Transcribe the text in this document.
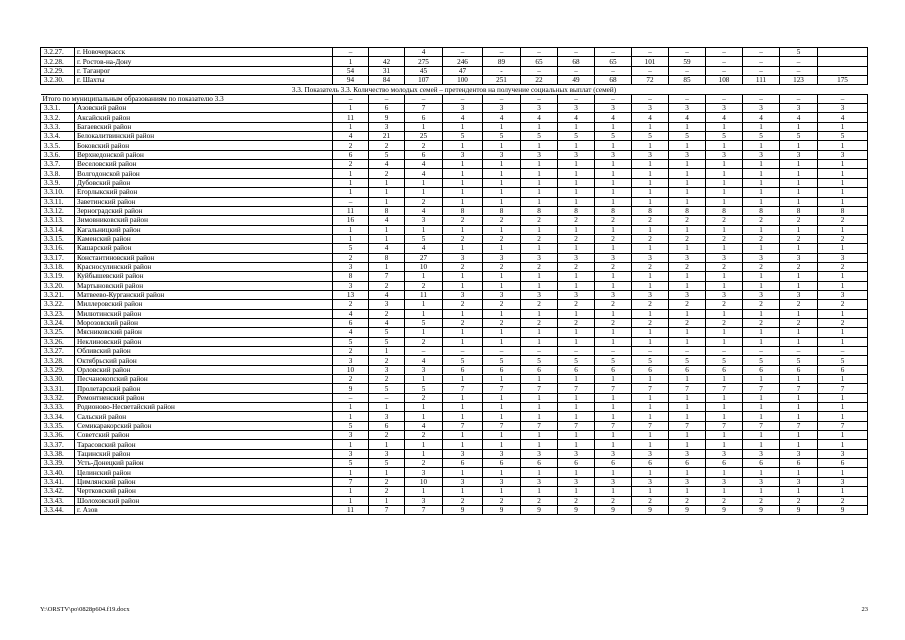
3.2.27.	г. Новочеркасск	–		4	–	–	–	–	–	–	–	–	–	5	
3.2.28.	г. Ростов-на-Дону	1	42	275	246	89	65	68	65	101	59	–	–	–	
3.2.29.	г. Таганрог	54	31	45	47	-	–	–	–	–	–	–	–	–	
3.2.30.	г. Шахты	94	84	107	100	251	22	49	68	72	85	108	111	123	175
3.3. Показатель 3.3. Количество молодых семей – претендентов на получение социальных выплат (семей)															
Итого по муниципальным образованиям по показателю 3.3		–	–	–	–	–	–	–	–	–	–	–	–	–	–
3.3.1.	Азовский район	1	6	7	3	3	3	3	3	3	3	3	3	3	3
3.3.2.	Аксайский район	11	9	6	4	4	4	4	4	4	4	4	4	4	4
3.3.3.	Багаевский район	1	3	1	1	1	1	1	1	1	1	1	1	1	1
3.3.4.	Белокалитвинский район	4	21	25	5	5	5	5	5	5	5	5	5	5	5
3.3.5.	Боковский район	2	2	2	1	1	1	1	1	1	1	1	1	1	1
3.3.6.	Верхнедонской район	6	5	6	3	3	3	3	3	3	3	3	3	3	3
3.3.7.	Веселовский район	2	4	4	1	1	1	1	1	1	1	1	1	1	1
3.3.8.	Волгодонской район	1	2	4	1	1	1	1	1	1	1	1	1	1	1
3.3.9.	Дубовский район	1	1	1	1	1	1	1	1	1	1	1	1	1	1
3.3.10.	Егорлыкский район	1	1	1	1	1	1	1	1	1	1	1	1	1	1
3.3.11.	Заветинский район	–	1	2	1	1	1	1	1	1	1	1	1	1	1
3.3.12.	Зерноградский район	11	8	4	8	8	8	8	8	8	8	8	8	8	8
3.3.13.	Зимовниковский район	16	4	3	2	2	2	2	2	2	2	2	2	2	2
3.3.14.	Кагальницкий район	1	1	1	1	1	1	1	1	1	1	1	1	1	1
3.3.15.	Каменский район	1	1	5	2	2	2	2	2	2	2	2	2	2	2
3.3.16.	Кашарский район	5	4	4	1	1	1	1	1	1	1	1	1	1	1
3.3.17.	Константиновский район	2	8	27	3	3	3	3	3	3	3	3	3	3	3
3.3.18.	Красносулинский район	3	1	10	2	2	2	2	2	2	2	2	2	2	2
3.3.19.	Куйбышевский район	8	7	1	1	1	1	1	1	1	1	1	1	1	1
3.3.20.	Мартыновский район	3	2	2	1	1	1	1	1	1	1	1	1	1	1
3.3.21.	Матвеево-Курганский район	13	4	11	3	3	3	3	3	3	3	3	3	3	3
3.3.22.	Миллеровский район	2	3	1	2	2	2	2	2	2	2	2	2	2	2
3.3.23.	Милютинский район	4	2	1	1	1	1	1	1	1	1	1	1	1	1
3.3.24.	Морозовский район	6	4	5	2	2	2	2	2	2	2	2	2	2	2
3.3.25.	Мясниковский район	4	5	1	1	1	1	1	1	1	1	1	1	1	1
3.3.26.	Неклиновский район	5	5	2	1	1	1	1	1	1	1	1	1	1	1
3.3.27.	Обливский район	2	1	–	–	–	–	–	–	–	–	–	–	–	–
3.3.28.	Октябрьский район	3	2	4	5	5	5	5	5	5	5	5	5	5	5
3.3.29.	Орловский район	10	3	3	6	6	6	6	6	6	6	6	6	6	6
3.3.30.	Песчанокопский район	2	2	1	1	1	1	1	1	1	1	1	1	1	1
3.3.31.	Пролетарский район	9	5	5	7	7	7	7	7	7	7	7	7	7	7
3.3.32.	Ремонтненский район	–	–	2	1	1	1	1	1	1	1	1	1	1	1
3.3.33.	Родионово-Несветайский район	1	1	1	1	1	1	1	1	1	1	1	1	1	1
3.3.34.	Сальский район	1	3	1	1	1	1	1	1	1	1	1	1	1	1
3.3.35.	Семикаракорский район	5	6	4	7	7	7	7	7	7	7	7	7	7	7
3.3.36.	Советский район	3	2	2	1	1	1	1	1	1	1	1	1	1	1
3.3.37.	Тарасовский район	1	1	1	1	1	1	1	1	1	1	1	1	1	1
3.3.38.	Тацинский район	3	3	1	3	3	3	3	3	3	3	3	3	3	3
3.3.39.	Усть-Донецкий район	5	5	2	6	6	6	6	6	6	6	6	6	6	6
3.3.40.	Целинский район	1	1	3	1	1	1	1	1	1	1	1	1	1	1
3.3.41.	Цимлянский район	7	2	10	3	3	3	3	3	3	3	3	3	3	3
3.3.42.	Чертковский район	1	2	1	1	1	1	1	1	1	1	1	1	1	1
3.3.43.	Шолоховский район	1	1	3	2	2	2	2	2	2	2	2	2	2	2
3.3.44.	г. Азов	11	7	7	9	9	9	9	9	9	9	9	9	9	9
Y:\ORSTV\po\0828p604.f19.docx	23
